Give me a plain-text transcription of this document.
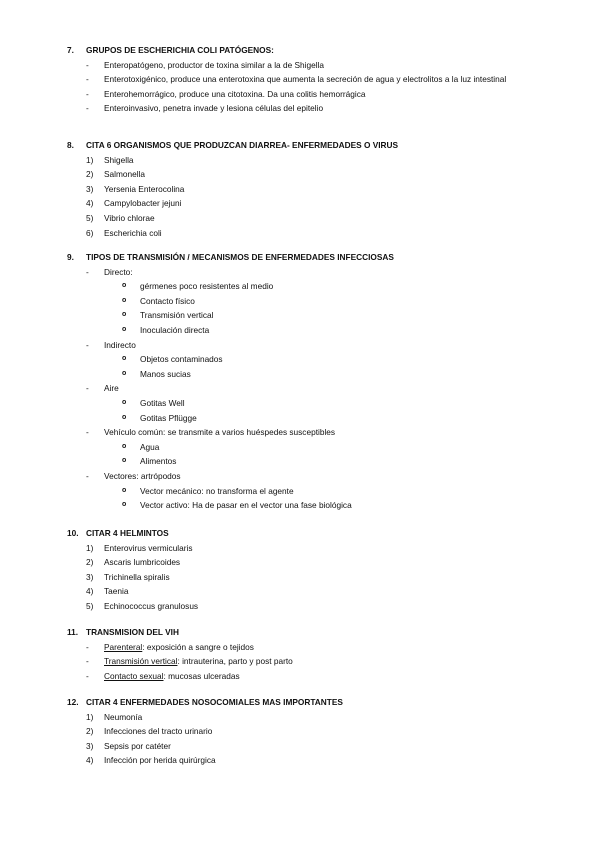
7. GRUPOS DE ESCHERICHIA COLI PATÓGENOS:
- Enteropatógeno, productor de toxina similar a la de Shigella
- Enterotoxigénico, produce una enterotoxina que aumenta la secreción de agua y electrolitos a la luz intestinal
- Enterohemorrágico, produce una citotoxina. Da una colitis hemorrágica
- Enteroinvasivo, penetra invade y lesiona células del epitelio
8. CITA 6 ORGANISMOS QUE PRODUZCAN DIARREA- ENFERMEDADES O VIRUS
1) Shigella
2) Salmonella
3) Yersenia Enterocolina
4) Campylobacter jejuni
5) Vibrio chlorae
6) Escherichia coli
9. TIPOS DE TRANSMISIÓN / MECANISMOS DE ENFERMEDADES INFECCIOSAS
- Directo:
o gérmenes poco resistentes al medio
o Contacto físico
o Transmisión vertical
o Inoculación directa
- Indirecto
o Objetos contaminados
o Manos sucias
- Aire
o Gotitas Well
o Gotitas Pflügge
- Vehículo común: se transmite a varios huéspedes susceptibles
o Agua
o Alimentos
- Vectores: artrópodos
o Vector mecánico: no transforma el agente
o Vector activo: Ha de pasar en el vector una fase biológica
10. CITAR 4 HELMINTOS
1) Enterovirus vermicularis
2) Ascaris lumbricoides
3) Trichinella spiralis
4) Taenia
5) Echinococcus granulosus
11. TRANSMISION DEL VIH
- Parenteral: exposición a sangre o tejidos
- Transmisión vertical: intrauterina, parto y post parto
- Contacto sexual: mucosas ulceradas
12. CITAR 4 ENFERMEDADES NOSOCOMIALES MAS IMPORTANTES
1) Neumonía
2) Infecciones del tracto urinario
3) Sepsis por catéter
4) Infección por herida quirúrgica
